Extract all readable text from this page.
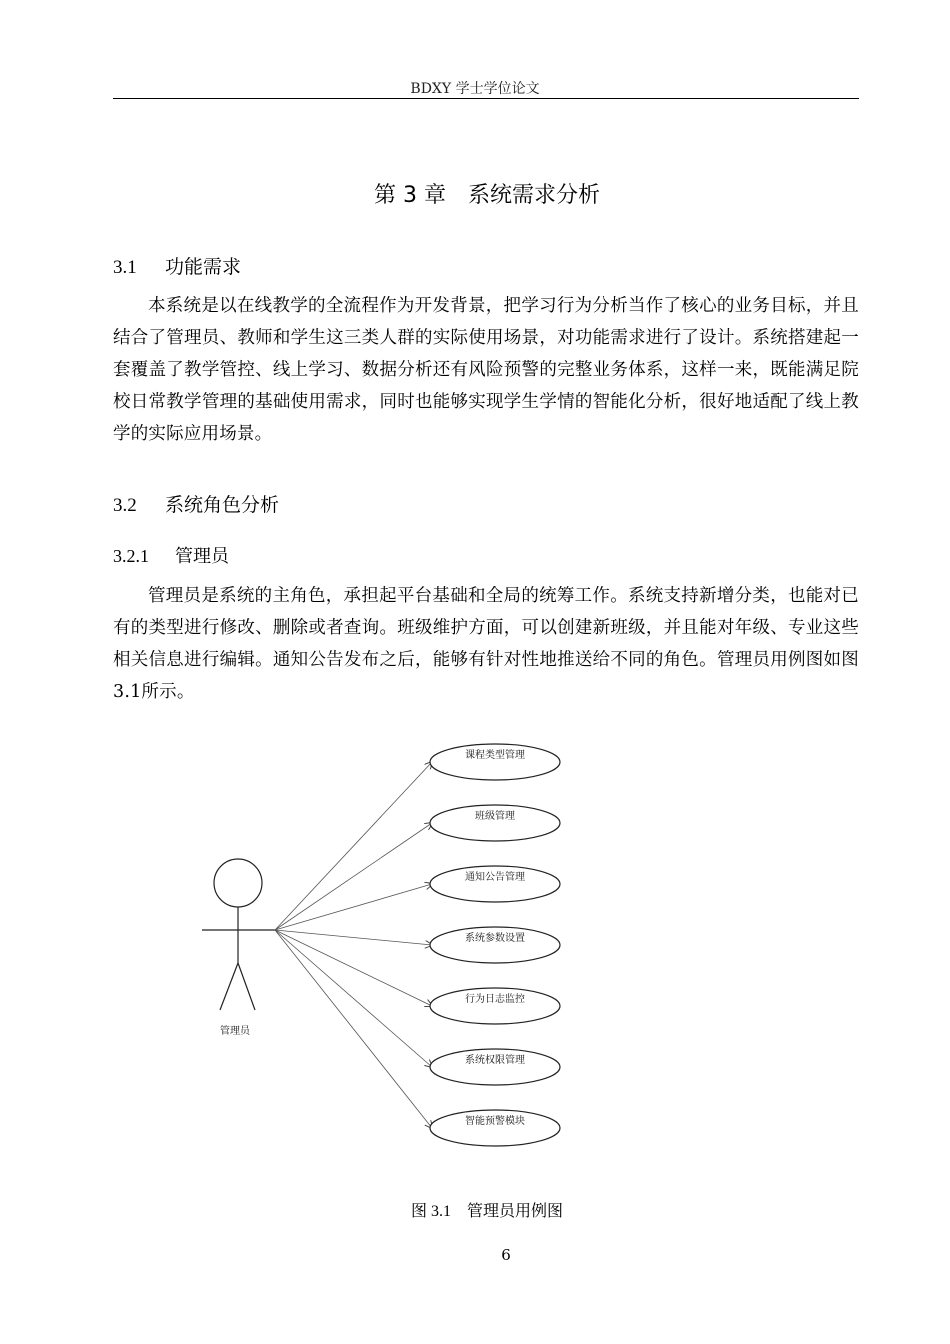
BDXY 学士学位论文
第 3 章　系统需求分析
3.1 功能需求
本系统是以在线教学的全流程作为开发背景，把学习行为分析当作了核心的业务目标，并且结合了管理员、教师和学生这三类人群的实际使用场景，对功能需求进行了设计。系统搭建起一套覆盖了教学管控、线上学习、数据分析还有风险预警的完整业务体系，这样一来，既能满足院校日常教学管理的基础使用需求，同时也能够实现学生学情的智能化分析，很好地适配了线上教学的实际应用场景。
3.2 系统角色分析
3.2.1 管理员
管理员是系统的主角色，承担起平台基础和全局的统筹工作。系统支持新增分类，也能对已有的类型进行修改、删除或者查询。班级维护方面，可以创建新班级，并且能对年级、专业这些相关信息进行编辑。通知公告发布之后，能够有针对性地推送给不同的角色。管理员用例图如图3.1所示。
管理员
课程类型管理
班级管理
通知公告管理
系统参数设置
行为日志监控
系统权限管理
智能预警模块
图 3.1　 管理员用例图
6
